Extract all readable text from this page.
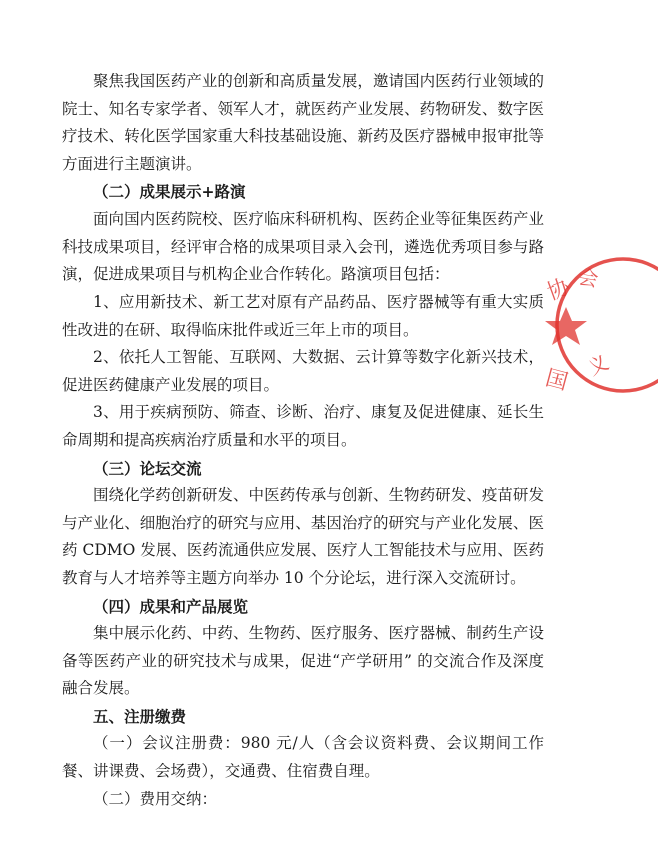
聚焦我国医药产业的创新和高质量发展，邀请国内医药行业领域的院士、知名专家学者、领军人才，就医药产业发展、药物研发、数字医疗技术、转化医学国家重大科技基础设施、新药及医疗器械申报审批等方面进行主题演讲。

（二）成果展示+路演

面向国内医药院校、医疗临床科研机构、医药企业等征集医药产业科技成果项目，经评审合格的成果项目录入会刊，遴选优秀项目参与路演，促进成果项目与机构企业合作转化。路演项目包括：

1、应用新技术、新工艺对原有产品药品、医疗器械等有重大实质性改进的在研、取得临床批件或近三年上市的项目。

2、依托人工智能、互联网、大数据、云计算等数字化新兴技术，促进医药健康产业发展的项目。

3、用于疾病预防、筛查、诊断、治疗、康复及促进健康、延长生命周期和提高疾病治疗质量和水平的项目。

（三）论坛交流

围绕化学药创新研发、中医药传承与创新、生物药研发、疫苗研发与产业化、细胞治疗的研究与应用、基因治疗的研究与产业化发展、医药 CDMO 发展、医药流通供应发展、医疗人工智能技术与应用、医药教育与人才培养等主题方向举办 10 个分论坛，进行深入交流研讨。

（四）成果和产品展览

集中展示化药、中药、生物药、医疗服务、医疗器械、制药生产设备等医药产业的研究技术与成果，促进“产学研用” 的交流合作及深度融合发展。

五、注册缴费

（一）会议注册费：980 元/人（含会议资料费、会议期间工作餐、讲课费、会场费），交通费、住宿费自理。

（二）费用交纳：

协 会
国
义
